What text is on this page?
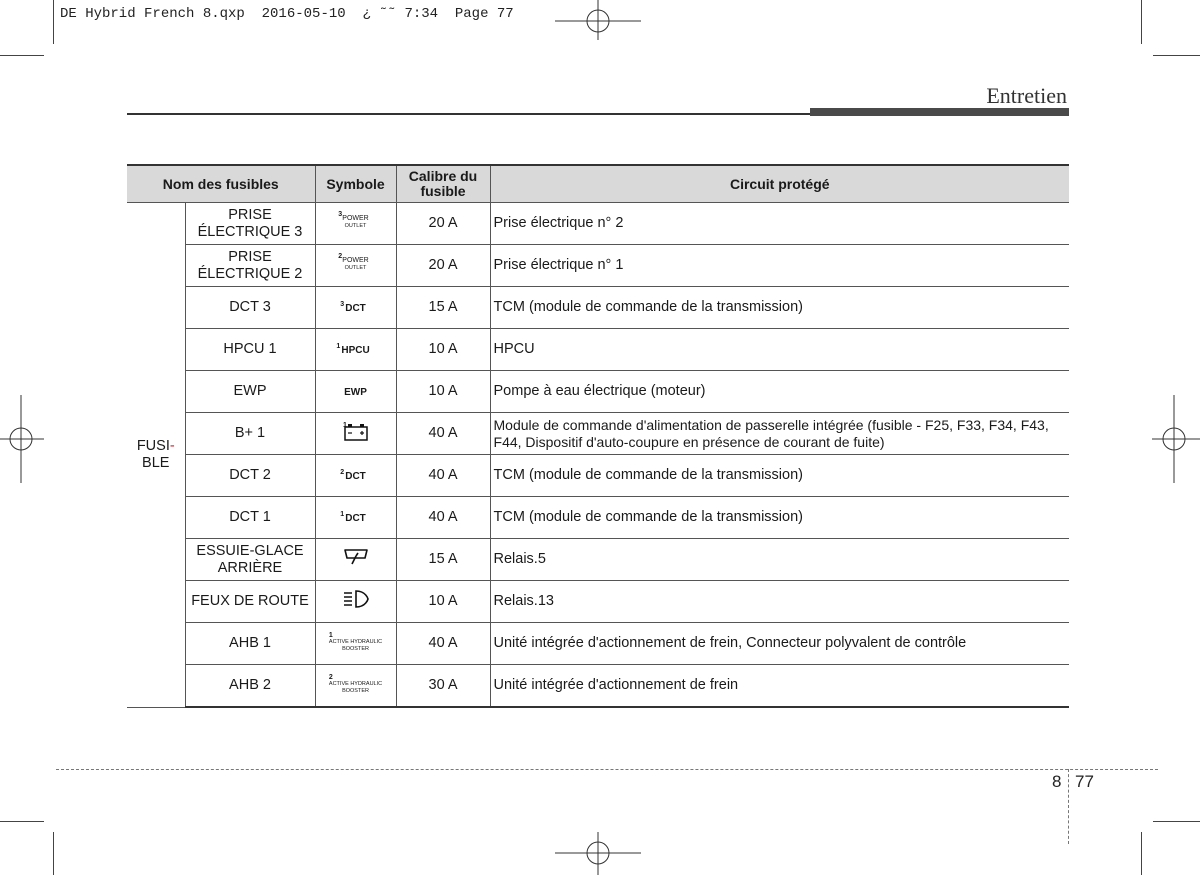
DE Hybrid French 8.qxp  2016-05-10  ¿ ˜˜ 7:34  Page 77
Entretien
Nom des fusibles		Symbole	Calibre du fusible	Circuit protégé
FUSI-
BLE	PRISE ÉLECTRIQUE 3	3
POWER
OUTLET	20 A	Prise électrique n° 2
	PRISE ÉLECTRIQUE 2	2
POWER
OUTLET	20 A	Prise électrique n° 1
	DCT 3	3 DCT	15 A	TCM (module de commande de la transmission)
	HPCU 1	1 HPCU	10 A	HPCU
	EWP	EWP	10 A	Pompe à eau électrique (moteur)
	B+ 1	1	40 A	Module de commande d'alimentation de passerelle intégrée (fusible - F25, F33, F34, F43, F44, Dispositif d'auto-coupure en présence de courant de fuite)
	DCT 2	2 DCT	40 A	TCM (module de commande de la transmission)
	DCT 1	1 DCT	40 A	TCM (module de commande de la transmission)
	ESSUIE-GLACE ARRIÈRE		15 A	Relais.5
	FEUX DE ROUTE		10 A	Relais.13
	AHB 1	1
ACTIVE HYDRAULIC
BOOSTER	40 A	Unité intégrée d'actionnement de frein, Connecteur polyvalent de contrôle
	AHB 2	2
ACTIVE HYDRAULIC
BOOSTER	30 A	Unité intégrée d'actionnement de frein
8 77
